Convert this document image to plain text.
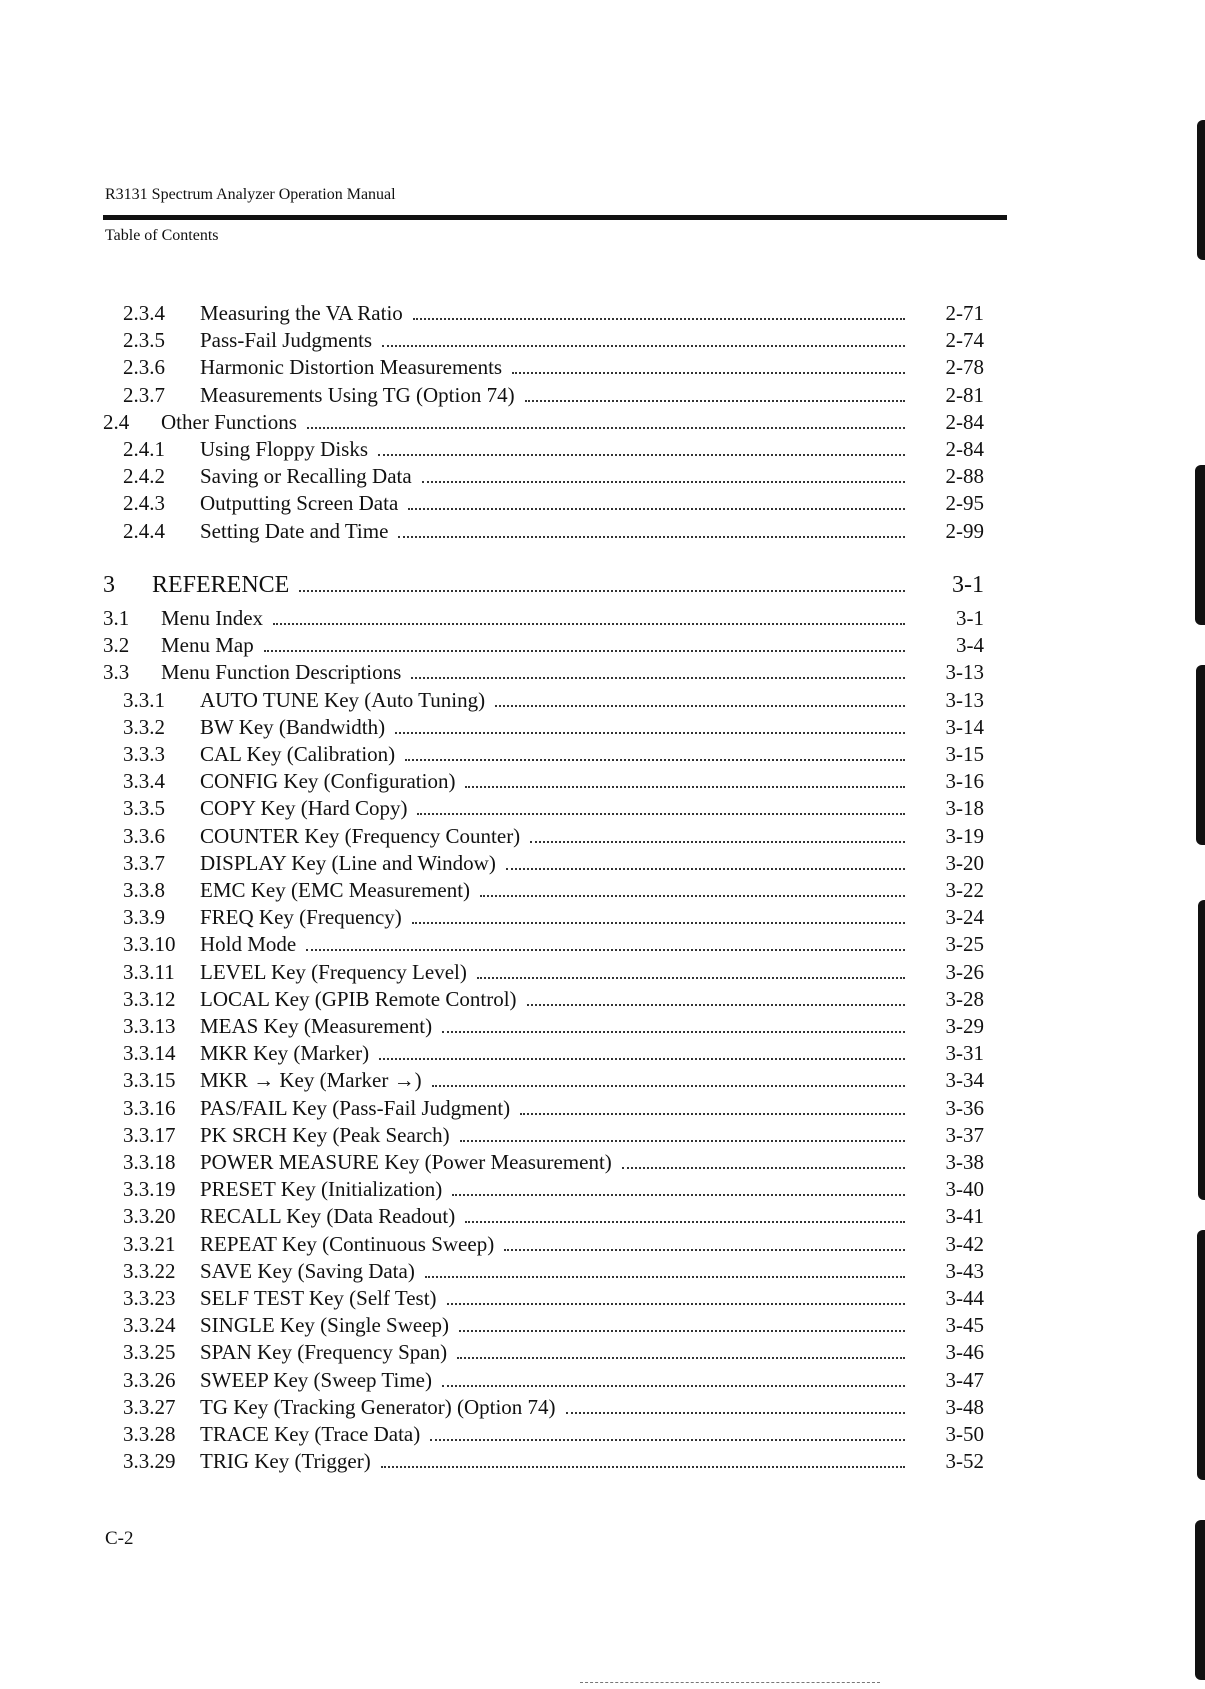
R3131 Spectrum Analyzer Operation Manual
Table of Contents
2.3.4 Measuring the VA Ratio	2-71
2.3.5 Pass-Fail Judgments	2-74
2.3.6 Harmonic Distortion Measurements	2-78
2.3.7 Measurements Using TG (Option 74)	2-81
2.4 Other Functions	2-84
2.4.1 Using Floppy Disks	2-84
2.4.2 Saving or Recalling Data	2-88
2.4.3 Outputting Screen Data	2-95
2.4.4 Setting Date and Time	2-99
3 REFERENCE	3-1
3.1 Menu Index	3-1
3.2 Menu Map	3-4
3.3 Menu Function Descriptions	3-13
3.3.1 AUTO TUNE Key (Auto Tuning)	3-13
3.3.2 BW Key (Bandwidth)	3-14
3.3.3 CAL Key (Calibration)	3-15
3.3.4 CONFIG Key (Configuration)	3-16
3.3.5 COPY Key (Hard Copy)	3-18
3.3.6 COUNTER Key (Frequency Counter)	3-19
3.3.7 DISPLAY Key (Line and Window)	3-20
3.3.8 EMC Key (EMC Measurement)	3-22
3.3.9 FREQ Key (Frequency)	3-24
3.3.10 Hold Mode	3-25
3.3.11 LEVEL Key (Frequency Level)	3-26
3.3.12 LOCAL Key (GPIB Remote Control)	3-28
3.3.13 MEAS Key (Measurement)	3-29
3.3.14 MKR Key (Marker)	3-31
3.3.15 MKR → Key (Marker →)	3-34
3.3.16 PAS/FAIL Key (Pass-Fail Judgment)	3-36
3.3.17 PK SRCH Key (Peak Search)	3-37
3.3.18 POWER MEASURE Key (Power Measurement)	3-38
3.3.19 PRESET Key (Initialization)	3-40
3.3.20 RECALL Key (Data Readout)	3-41
3.3.21 REPEAT Key (Continuous Sweep)	3-42
3.3.22 SAVE Key (Saving Data)	3-43
3.3.23 SELF TEST Key (Self Test)	3-44
3.3.24 SINGLE Key (Single Sweep)	3-45
3.3.25 SPAN Key (Frequency Span)	3-46
3.3.26 SWEEP Key (Sweep Time)	3-47
3.3.27 TG Key (Tracking Generator) (Option 74)	3-48
3.3.28 TRACE Key (Trace Data)	3-50
3.3.29 TRIG Key (Trigger)	3-52
C-2
